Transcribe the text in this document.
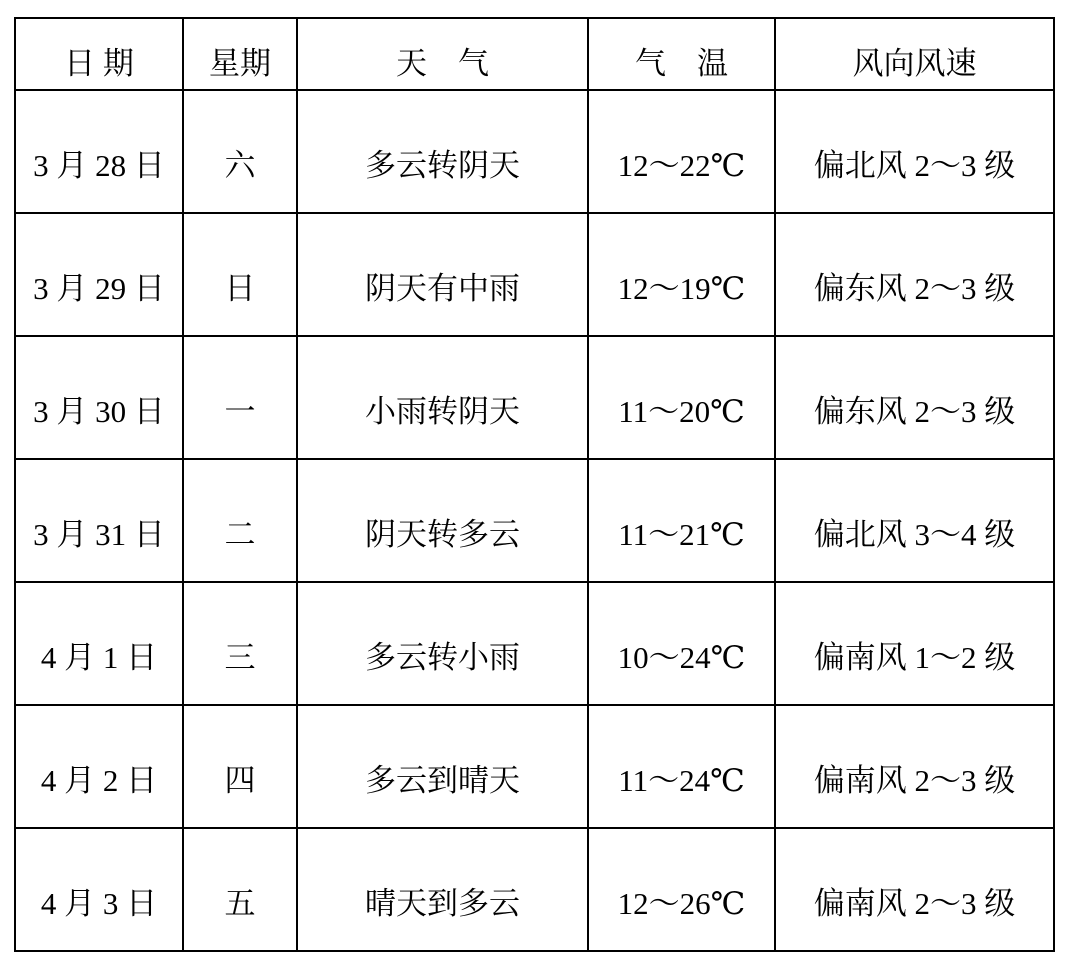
日 期	星期	天　气	气　温	风向风速
3 月 28 日	六	多云转阴天	12～22℃	偏北风 2～3 级
3 月 29 日	日	阴天有中雨	12～19℃	偏东风 2～3 级
3 月 30 日	一	小雨转阴天	11～20℃	偏东风 2～3 级
3 月 31 日	二	阴天转多云	11～21℃	偏北风 3～4 级
4 月 1 日	三	多云转小雨	10～24℃	偏南风 1～2 级
4 月 2 日	四	多云到晴天	11～24℃	偏南风 2～3 级
4 月 3 日	五	晴天到多云	12～26℃	偏南风 2～3 级
